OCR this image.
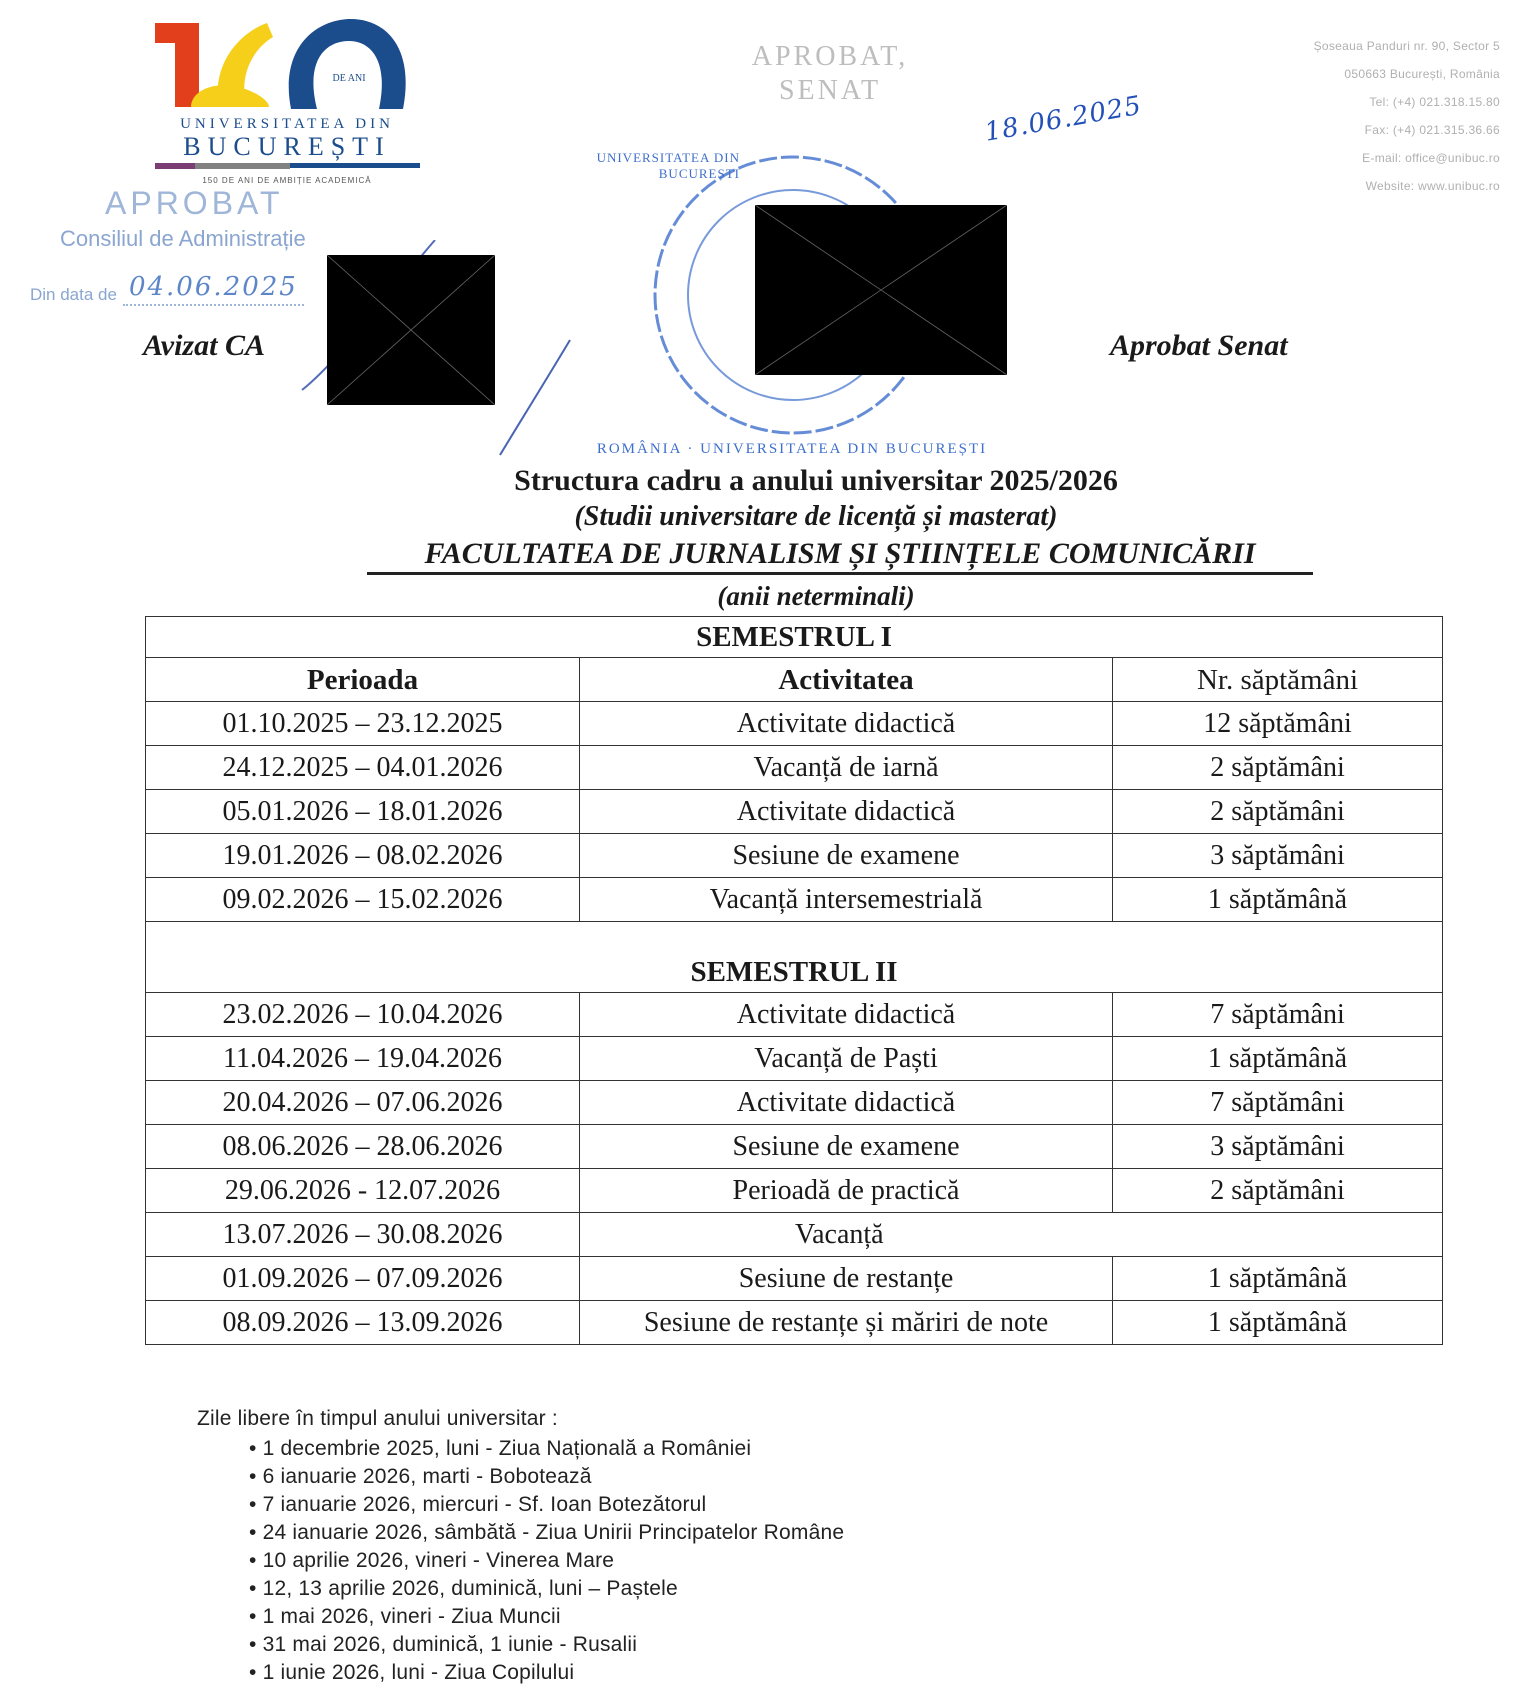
DE ANI
UNIVERSITATEA DIN
BUCUREȘTI
150 DE ANI DE AMBIȚIE ACADEMICĂ
Șoseaua Panduri nr. 90, Sector 5
050663 București, România
Tel: (+4) 021.318.15.80
Fax: (+4) 021.315.36.66
E-mail: office@unibuc.ro
Website: www.unibuc.ro
APROBAT,
SENAT
18.06.2025
APROBAT
Consiliul de Administrație
Din data de 04.06.2025
UNIVERSITATEA DIN BUCUREȘTI
ROMÂNIA · UNIVERSITATEA DIN BUCUREȘTI
Avizat CA	Aprobat Senat
Structura cadru a anului universitar 2025/2026
(Studii universitare de licență și masterat)
FACULTATEA DE JURNALISM ȘI ȘTIINȚELE COMUNICĂRII
(anii neterminali)
SEMESTRUL I		
Perioada	Activitatea	Nr. săptămâni
01.10.2025 – 23.12.2025	Activitate didactică	12 săptămâni
24.12.2025 – 04.01.2026	Vacanță de iarnă	2 săptămâni
05.01.2026 – 18.01.2026	Activitate didactică	2 săptămâni
19.01.2026 – 08.02.2026	Sesiune de examene	3 săptămâni
09.02.2026 – 15.02.2026	Vacanță intersemestrială	1 săptămână

SEMESTRUL II		
23.02.2026 – 10.04.2026	Activitate didactică	7 săptămâni
11.04.2026 – 19.04.2026	Vacanță de Paști	1 săptămână
20.04.2026 – 07.06.2026	Activitate didactică	7 săptămâni
08.06.2026 – 28.06.2026	Sesiune de examene	3 săptămâni
29.06.2026 - 12.07.2026	Perioadă de practică	2 săptămâni
13.07.2026 – 30.08.2026	Vacanță	
01.09.2026 – 07.09.2026	Sesiune de restanțe	1 săptămână
08.09.2026 – 13.09.2026	Sesiune de restanțe și măriri de note	1 săptămână
Zile libere în timpul anului universitar :
• 1 decembrie 2025, luni - Ziua Națională a României
• 6 ianuarie 2026, marti - Bobotează
• 7 ianuarie 2026, miercuri - Sf. Ioan Botezătorul
• 24 ianuarie 2026, sâmbătă - Ziua Unirii Principatelor Române
• 10 aprilie 2026, vineri - Vinerea Mare
• 12, 13 aprilie 2026, duminică, luni – Paștele
• 1 mai 2026, vineri - Ziua Muncii
• 31 mai 2026, duminică, 1 iunie - Rusalii
• 1 iunie 2026, luni - Ziua Copilului
